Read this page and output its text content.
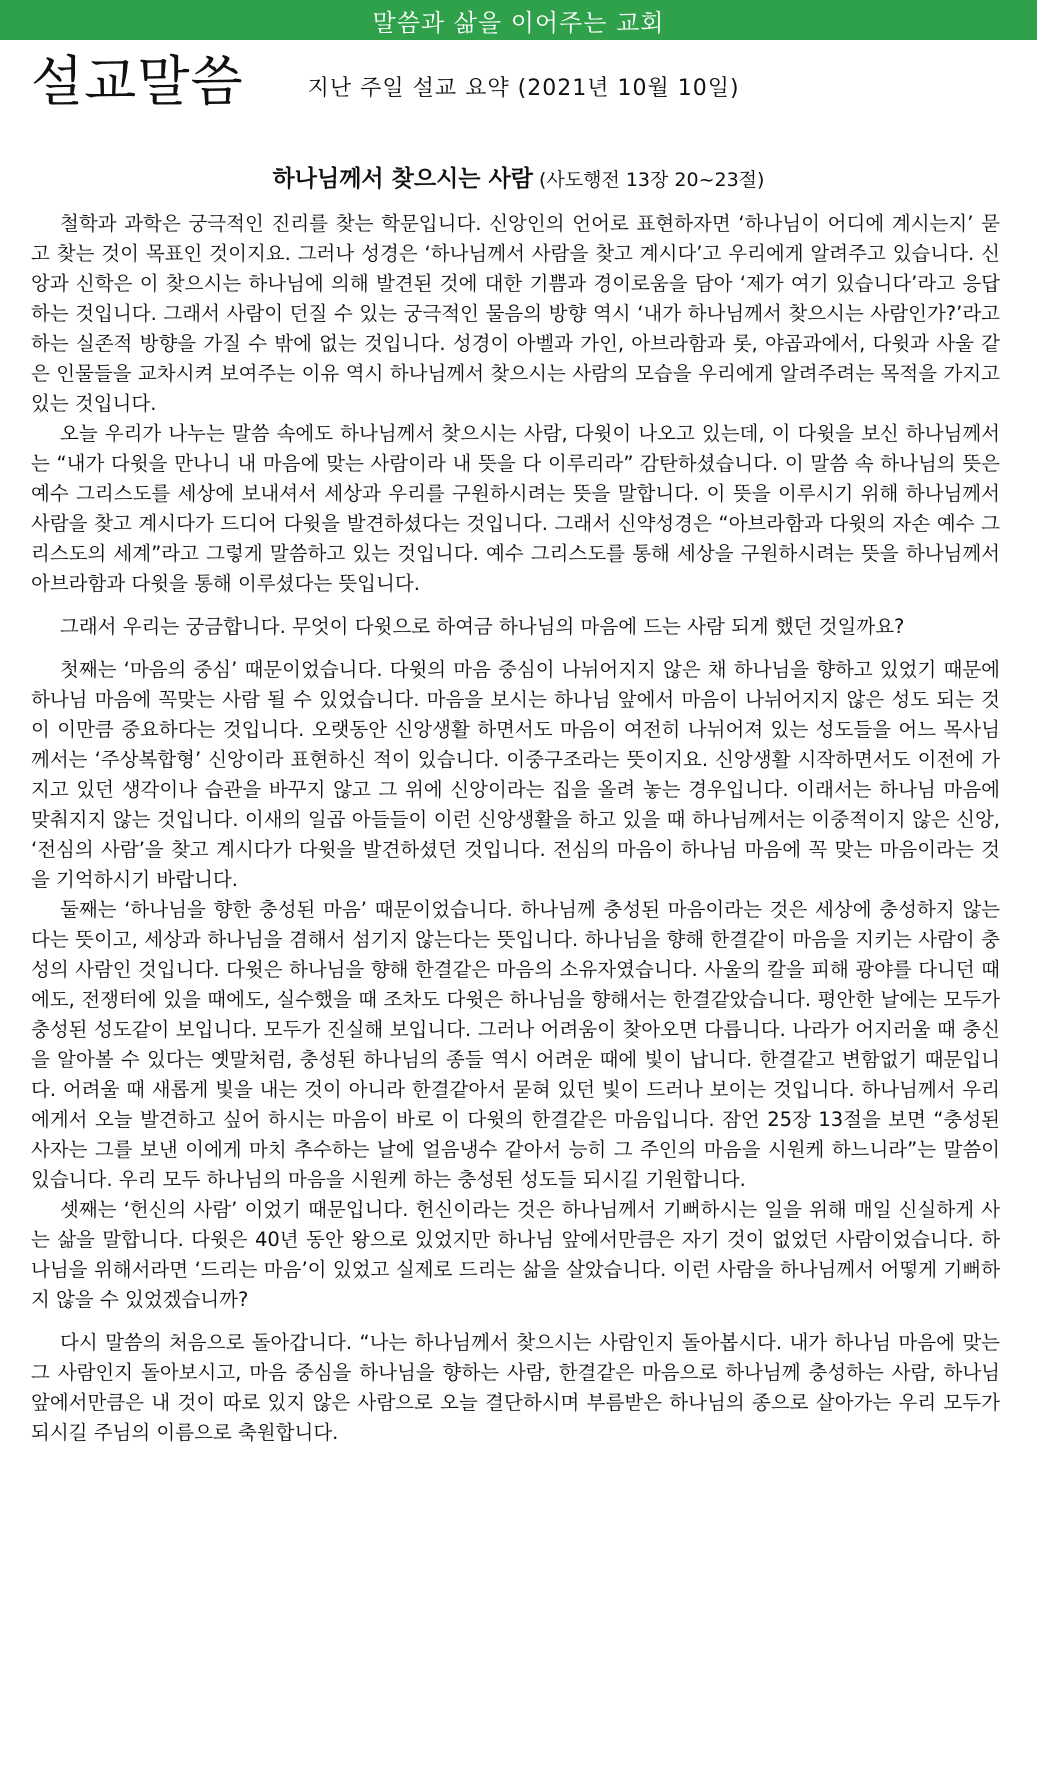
말씀과 삶을 이어주는 교회
설교말씀	지난 주일 설교 요약 (2021년 10월 10일)
하나님께서 찾으시는 사람 (사도행전 13장 20~23절)

철학과 과학은 궁극적인 진리를 찾는 학문입니다. 신앙인의 언어로 표현하자면 ‘하나님이 어디에 계시는지’ 묻고 찾는 것이 목표인 것이지요. 그러나 성경은 ‘하나님께서 사람을 찾고 계시다’고 우리에게 알려주고 있습니다. 신앙과 신학은 이 찾으시는 하나님에 의해 발견된 것에 대한 기쁨과 경이로움을 담아 ‘제가 여기 있습니다’라고 응답하는 것입니다. 그래서 사람이 던질 수 있는 궁극적인 물음의 방향 역시 ‘내가 하나님께서 찾으시는 사람인가?’라고 하는 실존적 방향을 가질 수 밖에 없는 것입니다. 성경이 아벨과 가인, 아브라함과 롯, 야곱과에서, 다윗과 사울 같은 인물들을 교차시켜 보여주는 이유 역시 하나님께서 찾으시는 사람의 모습을 우리에게 알려주려는 목적을 가지고 있는 것입니다.

오늘 우리가 나누는 말씀 속에도 하나님께서 찾으시는 사람, 다윗이 나오고 있는데, 이 다윗을 보신 하나님께서는 “내가 다윗을 만나니 내 마음에 맞는 사람이라 내 뜻을 다 이루리라” 감탄하셨습니다. 이 말씀 속 하나님의 뜻은 예수 그리스도를 세상에 보내셔서 세상과 우리를 구원하시려는 뜻을 말합니다. 이 뜻을 이루시기 위해 하나님께서 사람을 찾고 계시다가 드디어 다윗을 발견하셨다는 것입니다. 그래서 신약성경은 “아브라함과 다윗의 자손 예수 그리스도의 세계”라고 그렇게 말씀하고 있는 것입니다. 예수 그리스도를 통해 세상을 구원하시려는 뜻을 하나님께서 아브라함과 다윗을 통해 이루셨다는 뜻입니다.

그래서 우리는 궁금합니다. 무엇이 다윗으로 하여금 하나님의 마음에 드는 사람 되게 했던 것일까요?

첫째는 ‘마음의 중심’ 때문이었습니다. 다윗의 마음 중심이 나뉘어지지 않은 채 하나님을 향하고 있었기 때문에 하나님 마음에 꼭맞는 사람 될 수 있었습니다. 마음을 보시는 하나님 앞에서 마음이 나뉘어지지 않은 성도 되는 것이 이만큼 중요하다는 것입니다. 오랫동안 신앙생활 하면서도 마음이 여전히 나뉘어져 있는 성도들을 어느 목사님께서는 ‘주상복합형’ 신앙이라 표현하신 적이 있습니다. 이중구조라는 뜻이지요. 신앙생활 시작하면서도 이전에 가지고 있던 생각이나 습관을 바꾸지 않고 그 위에 신앙이라는 집을 올려 놓는 경우입니다. 이래서는 하나님 마음에 맞춰지지 않는 것입니다. 이새의 일곱 아들들이 이런 신앙생활을 하고 있을 때 하나님께서는 이중적이지 않은 신앙, ‘전심의 사람’을 찾고 계시다가 다윗을 발견하셨던 것입니다. 전심의 마음이 하나님 마음에 꼭 맞는 마음이라는 것을 기억하시기 바랍니다.

둘째는 ‘하나님을 향한 충성된 마음’ 때문이었습니다. 하나님께 충성된 마음이라는 것은 세상에 충성하지 않는다는 뜻이고, 세상과 하나님을 겸해서 섬기지 않는다는 뜻입니다. 하나님을 향해 한결같이 마음을 지키는 사람이 충성의 사람인 것입니다. 다윗은 하나님을 향해 한결같은 마음의 소유자였습니다. 사울의 칼을 피해 광야를 다니던 때에도, 전쟁터에 있을 때에도, 실수했을 때 조차도 다윗은 하나님을 향해서는 한결같았습니다. 평안한 날에는 모두가 충성된 성도같이 보입니다. 모두가 진실해 보입니다. 그러나 어려움이 찾아오면 다릅니다. 나라가 어지러울 때 충신을 알아볼 수 있다는 옛말처럼, 충성된 하나님의 종들 역시 어려운 때에 빛이 납니다. 한결같고 변함없기 때문입니다. 어려울 때 새롭게 빛을 내는 것이 아니라 한결같아서 묻혀 있던 빛이 드러나 보이는 것입니다. 하나님께서 우리에게서 오늘 발견하고 싶어 하시는 마음이 바로 이 다윗의 한결같은 마음입니다. 잠언 25장 13절을 보면 “충성된 사자는 그를 보낸 이에게 마치 추수하는 날에 얼음냉수 같아서 능히 그 주인의 마음을 시원케 하느니라”는 말씀이 있습니다. 우리 모두 하나님의 마음을 시원케 하는 충성된 성도들 되시길 기원합니다.

셋째는 ‘헌신의 사람’ 이었기 때문입니다. 헌신이라는 것은 하나님께서 기뻐하시는 일을 위해 매일 신실하게 사는 삶을 말합니다. 다윗은 40년 동안 왕으로 있었지만 하나님 앞에서만큼은 자기 것이 없었던 사람이었습니다. 하나님을 위해서라면 ‘드리는 마음’이 있었고 실제로 드리는 삶을 살았습니다. 이런 사람을 하나님께서 어떻게 기뻐하지 않을 수 있었겠습니까?

다시 말씀의 처음으로 돌아갑니다. “나는 하나님께서 찾으시는 사람인지 돌아봅시다. 내가 하나님 마음에 맞는 그 사람인지 돌아보시고, 마음 중심을 하나님을 향하는 사람, 한결같은 마음으로 하나님께 충성하는 사람, 하나님 앞에서만큼은 내 것이 따로 있지 않은 사람으로 오늘 결단하시며 부름받은 하나님의 종으로 살아가는 우리 모두가 되시길 주님의 이름으로 축원합니다.
